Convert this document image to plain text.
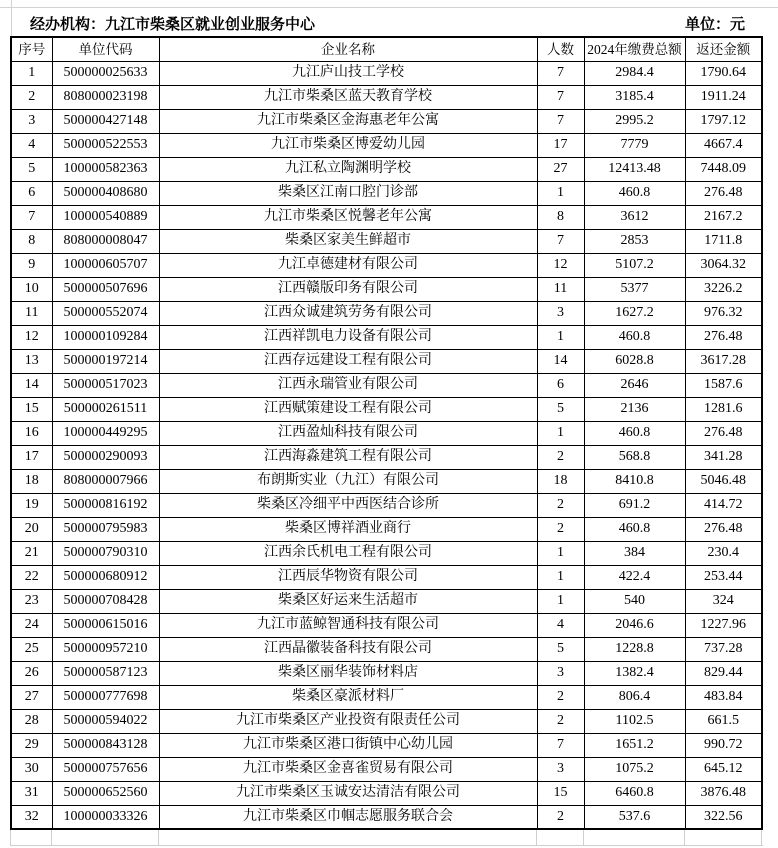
经办机构：九江市柴桑区就业创业服务中心	单位：元
序号	单位代码	企业名称	人数	2024年缴费总额	返还金额
1	500000025633	九江庐山技工学校	7	2984.4	1790.64
2	808000023198	九江市柴桑区蓝天教育学校	7	3185.4	1911.24
3	500000427148	九江市柴桑区金海惠老年公寓	7	2995.2	1797.12
4	500000522553	九江市柴桑区博爱幼儿园	17	7779	4667.4
5	100000582363	九江私立陶渊明学校	27	12413.48	7448.09
6	500000408680	柴桑区江南口腔门诊部	1	460.8	276.48
7	100000540889	九江市柴桑区悦馨老年公寓	8	3612	2167.2
8	808000008047	柴桑区家美生鲜超市	7	2853	1711.8
9	100000605707	九江卓德建材有限公司	12	5107.2	3064.32
10	500000507696	江西赣版印务有限公司	11	5377	3226.2
11	500000552074	江西众诚建筑劳务有限公司	3	1627.2	976.32
12	100000109284	江西祥凯电力设备有限公司	1	460.8	276.48
13	500000197214	江西存远建设工程有限公司	14	6028.8	3617.28
14	500000517023	江西永瑞管业有限公司	6	2646	1587.6
15	500000261511	江西赋策建设工程有限公司	5	2136	1281.6
16	100000449295	江西盈灿科技有限公司	1	460.8	276.48
17	500000290093	江西海淼建筑工程有限公司	2	568.8	341.28
18	808000007966	布朗斯实业（九江）有限公司	18	8410.8	5046.48
19	500000816192	柴桑区冷细平中西医结合诊所	2	691.2	414.72
20	500000795983	柴桑区博祥酒业商行	2	460.8	276.48
21	500000790310	江西余氏机电工程有限公司	1	384	230.4
22	500000680912	江西辰华物资有限公司	1	422.4	253.44
23	500000708428	柴桑区好运来生活超市	1	540	324
24	500000615016	九江市蓝鲸智通科技有限公司	4	2046.6	1227.96
25	500000957210	江西晶徽装备科技有限公司	5	1228.8	737.28
26	500000587123	柴桑区丽华装饰材料店	3	1382.4	829.44
27	500000777698	柴桑区豪派材料厂	2	806.4	483.84
28	500000594022	九江市柴桑区产业投资有限责任公司	2	1102.5	661.5
29	500000843128	九江市柴桑区港口街镇中心幼儿园	7	1651.2	990.72
30	500000757656	九江市柴桑区金喜雀贸易有限公司	3	1075.2	645.12
31	500000652560	九江市柴桑区玉诚安达清洁有限公司	15	6460.8	3876.48
32	100000033326	九江市柴桑区巾帼志愿服务联合会	2	537.6	322.56
